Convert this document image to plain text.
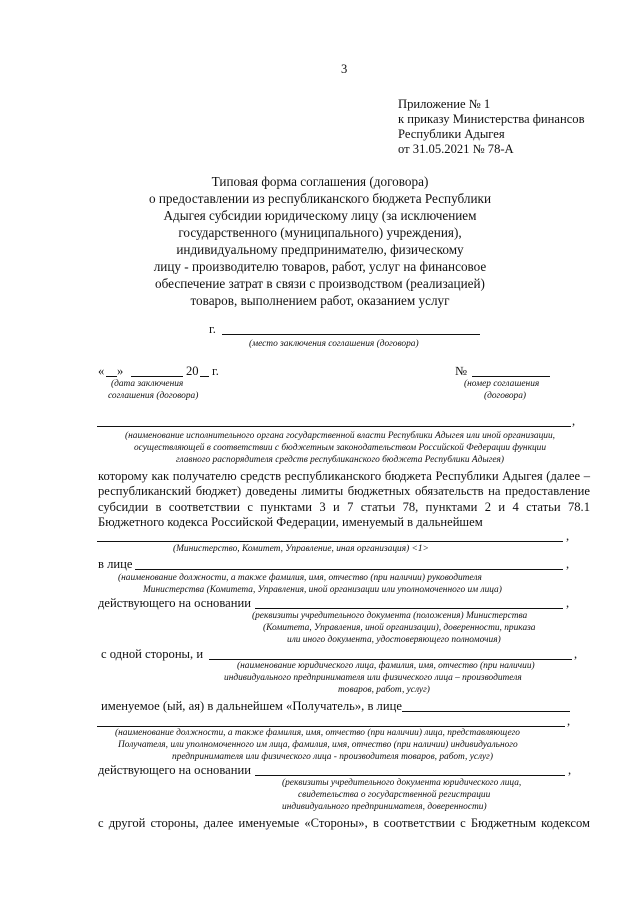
3
Приложение № 1
к приказу Министерства финансов
Республики Адыгея
от 31.05.2021 № 78-А
Типовая форма соглашения (договора)
о предоставлении из республиканского бюджета Республики
Адыгея субсидии юридическому лицу (за исключением
государственного (муниципального) учреждения),
индивидуальному предпринимателю, физическому
лицу - производителю товаров, работ, услуг на финансовое
обеспечение затрат в связи с производством (реализацией)
товаров, выполнением работ, оказанием услуг
г.
(место заключения соглашения (договора)
« »	20 г.
(дата заключения
соглашения (договора)
№
(номер соглашения
(договора)
,
(наименование исполнительного органа государственной власти Республики Адыгея или иной организации,
осуществляющей в соответствии с бюджетным законодательством Российской Федерации функции
главного распорядителя средств республиканского бюджета Республики Адыгея)
которому как получателю средств республиканского бюджета Республики Адыгея (далее – республиканский бюджет) доведены лимиты бюджетных обязательств на предоставление субсидии в соответствии с пунктами 3 и 7 статьи 78, пунктами 2 и 4 статьи 78.1 Бюджетного кодекса Российской Федерации, именуемый в дальнейшем
,
(Министерство, Комитет, Управление, иная организация) <1>
в лице	,
(наименование должности, а также фамилия, имя, отчество (при наличии) руководителя
Министерства (Комитета, Управления, иной организации или уполномоченного им лица)
действующего на основании	,
(реквизиты учредительного документа (положения) Министерства
(Комитета, Управления, иной организации), доверенности, приказа
или иного документа, удостоверяющего полномочия)
с одной стороны, и	,
(наименование юридического лица, фамилия, имя, отчество (при наличии)
индивидуального предпринимателя или физического лица – производителя
товаров, работ, услуг)
именуемое (ый, ая) в дальнейшем «Получатель», в лице
,
(наименование должности, а также фамилия, имя, отчество (при наличии) лица, представляющего
Получателя, или уполномоченного им лица, фамилия, имя, отчество (при наличии) индивидуального
предпринимателя или физического лица - производителя товаров, работ, услуг)
действующего на основании	,
(реквизиты учредительного документа юридического лица,
свидетельства о государственной регистрации
индивидуального предпринимателя, доверенности)
с другой стороны, далее именуемые «Стороны», в соответствии с Бюджетным кодексом
